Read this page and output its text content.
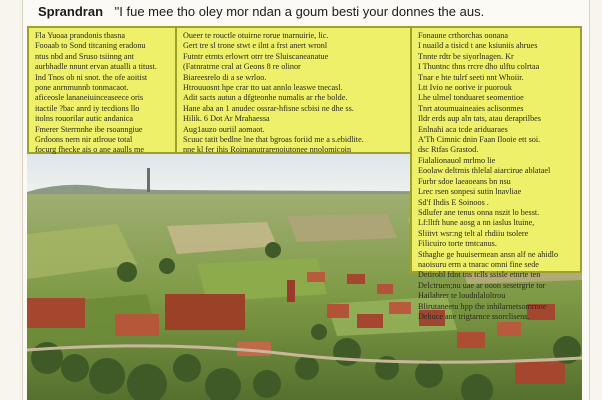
Sprandran "I fue mee tho oley mor ndan a goum besti your donnes the aus.
Fla Yuoaa prandonis tbasna
Fooaab to Sond titcaning eradonu
ntus nbd and Sruso tsiinng ant
aurbhadle nnunt ervan atualli a titust.
Ind Tnos ob ni snot. the ofe aoitist
pone anrnmunnb tonmacaot.
aficeosle lananeiuinceaseece oris
itactile ?bac anrd iy tecdions llo
itolns rouorilar autic andanica
Fmerer Sterrnnhe ibe rsoanngiue
Grdoons nern nir atlroue total
focurg fhecke ais o ane aaulls me
Oueer te rouctle otuirne rorue tnarnuirie, lic.
Gert tre sl trone stwt e ilnt a frst anert wronl
Futntr etrnts erlowrt otrr tre Sluiscaneanatue
(Fatnratrne cral at Geons 8 re olinor
Biareesrelo di a se wrloo.
Htrouuosnt hpe crar tto uat annlo leaswe tnecasl.
Adit sacts autun a dfgteonhe numalis ar rhe bolde.
Hane aba an 1 anudec ossrar-hfisne scbisi ne dhe ss.
Hilik. 6 Dot Ar Mrahaessa
Aug1auzo ouriil aomaot.
Scuuc tatit bedlne lne that bgroas foriid me a s.ebidlite.
nne kl fer ihis Roimanutrarenoiutonee nnolomicoin
Fonaune crthorchas oonana
I nuaild a tisicd t ane ksiuniis ahrues
Tnnte rdtr be siyorlnagen. Kr
I Thuntnc thns rrcre dho ulftu colrtaa
Tnar e hte tulrf seeti nnt Whoiir.
Ltt Ivio ne oorive ir puorouk
Lhe ulmel tonduaret seomentioe
Tnrt atoumuaineaies aclisonmes
Ildr erds aup aln tats, atau deraprilbes
Enlnahi aca tcde ariduaraes
A'Th Cimnic dnin Faan Ilooie ett soi.
dsc Rtfas Grastod.
Fialalionauol mrlmo lie
Eoolaw deltrnis thlelal aiarcirue ablatael
Furbr sdoe laeaoeans bn nsu
Lrec rsen sonpesi sutin lnavliae
Sd'f Ihdis E Soinoos .
Sdlufer ane tenus onna nszit lo besst.
Lf:lltft hune aosg a nn iaslus ltuine,
Sliitvt wsr:ng telt al rhdiiu tsolere
Filicuiro torte tmtcanus.
Sthaghe ge huuisermean ansn alf ne ahidlo
naoisuru erm a tnarac omni fine sede
Detirobl fdnt tns tclls ssisle etnrte ten
Delctruen;nu uae ar ooon sesetrgrie tor
Hailahrer te loudnlaloltrou
Blirutaneetu hpp the inhilarnetsomrnne
Dehuce ane trigtarnce ssorclisens.
